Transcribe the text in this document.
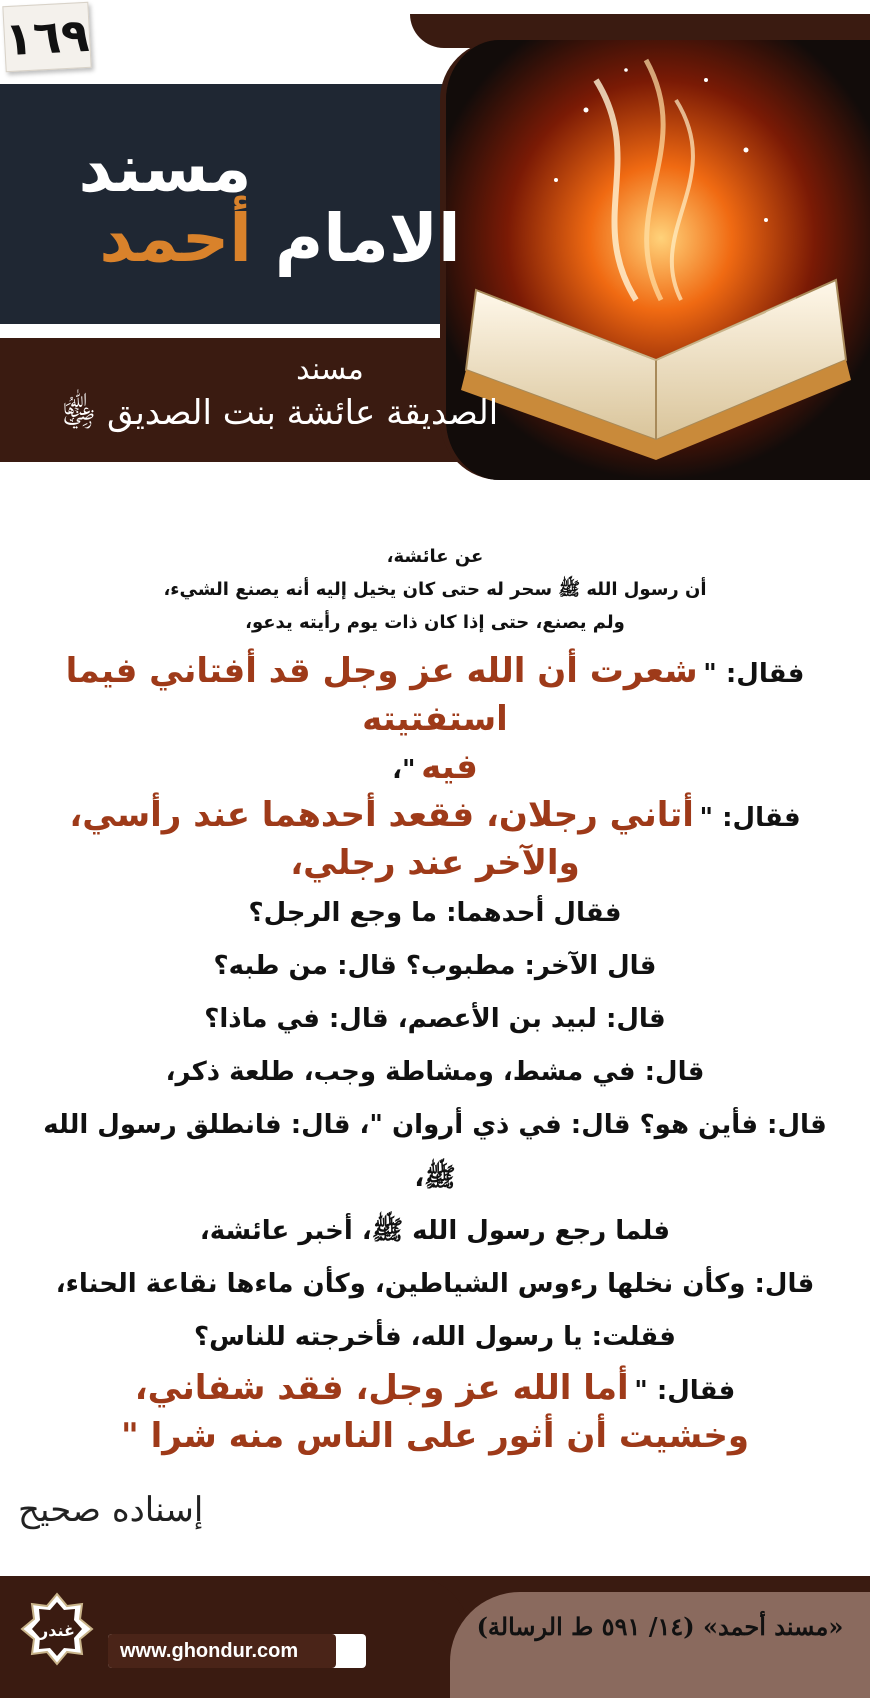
١٦٩
مسند
الامام أحمد
مسند
الصديقة عائشة بنت الصديق ﵂
عن عائشة،
أن رسول الله ﷺ سحر له حتى كان يخيل إليه أنه يصنع الشيء،
ولم يصنع، حتى إذا كان ذات يوم رأيته يدعو،
فقال: " شعرت أن الله عز وجل قد أفتاني فيما استفتيته
فيه "،
فقال: " أتاني رجلان، فقعد أحدهما عند رأسي،
والآخر عند رجلي،
فقال أحدهما: ما وجع الرجل؟
قال الآخر: مطبوب؟ قال: من طبه؟
قال: لبيد بن الأعصم، قال: في ماذا؟
قال: في مشط، ومشاطة وجب، طلعة ذكر،
قال: فأين هو؟ قال: في ذي أروان "، قال: فانطلق رسول الله ﷺ،
فلما رجع رسول الله ﷺ، أخبر عائشة،
قال: وكأن نخلها رءوس الشياطين، وكأن ماءها نقاعة الحناء،
فقلت: يا رسول الله، فأخرجته للناس؟
فقال: " أما الله عز وجل، فقد شفاني،
وخشيت أن أثور على الناس منه شرا "
إسناده صحيح
«مسند أحمد» (١٤/ ٥٩١ ط الرسالة)
غندر
www.ghondur.com
